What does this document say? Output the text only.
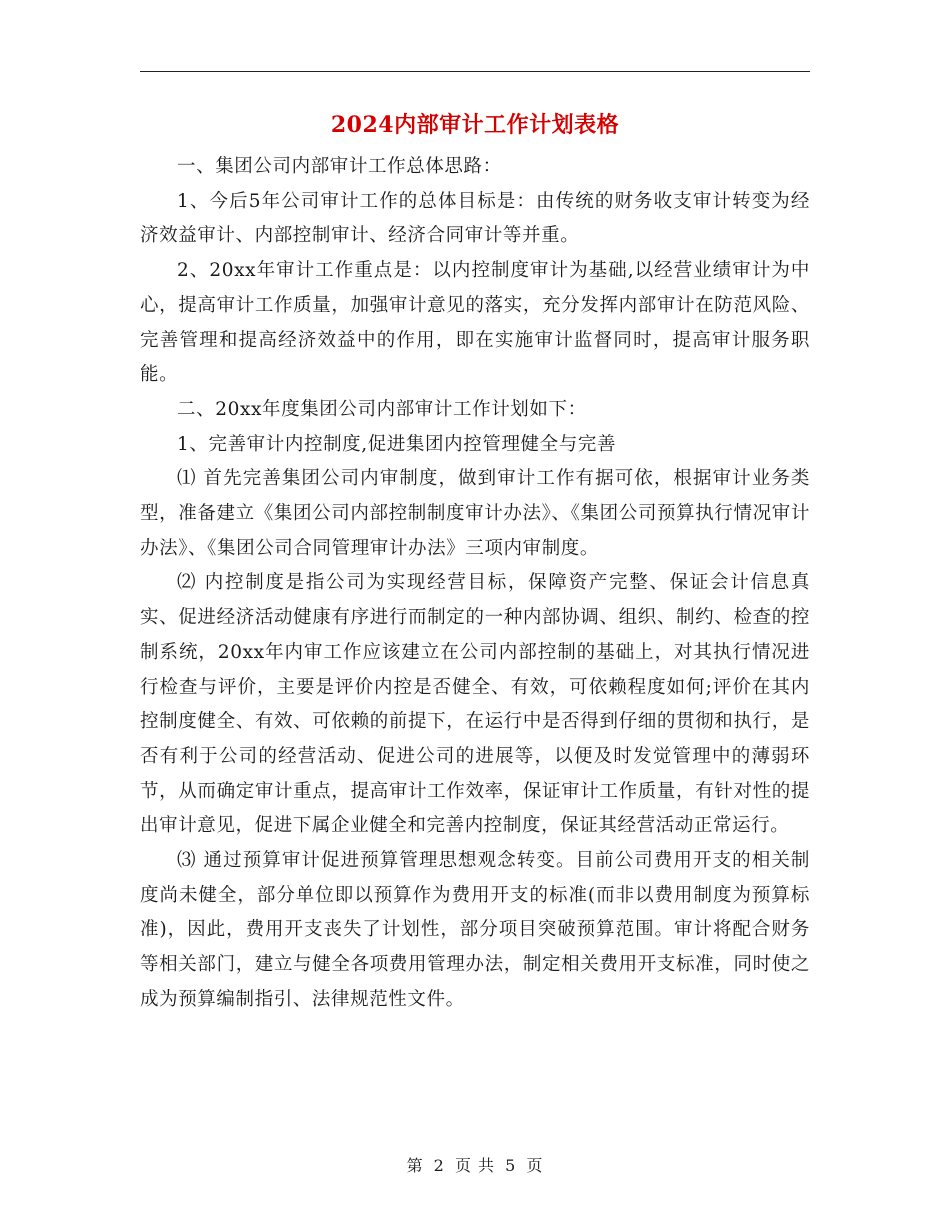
2024内部审计工作计划表格

一、集团公司内部审计工作总体思路：

1、今后5年公司审计工作的总体目标是：由传统的财务收支审计转变为经济效益审计、内部控制审计、经济合同审计等并重。

2、20xx年审计工作重点是：以内控制度审计为基础,以经营业绩审计为中心，提高审计工作质量，加强审计意见的落实，充分发挥内部审计在防范风险、完善管理和提高经济效益中的作用，即在实施审计监督同时，提高审计服务职能。

二、20xx年度集团公司内部审计工作计划如下：

1、完善审计内控制度,促进集团内控管理健全与完善

⑴ 首先完善集团公司内审制度，做到审计工作有据可依，根据审计业务类型，准备建立《集团公司内部控制制度审计办法》、《集团公司预算执行情况审计办法》、《集团公司合同管理审计办法》三项内审制度。

⑵ 内控制度是指公司为实现经营目标，保障资产完整、保证会计信息真实、促进经济活动健康有序进行而制定的一种内部协调、组织、制约、检查的控制系统，20xx年内审工作应该建立在公司内部控制的基础上，对其执行情况进行检查与评价，主要是评价内控是否健全、有效，可依赖程度如何;评价在其内控制度健全、有效、可依赖的前提下，在运行中是否得到仔细的贯彻和执行，是否有利于公司的经营活动、促进公司的进展等，以便及时发觉管理中的薄弱环节，从而确定审计重点，提高审计工作效率，保证审计工作质量，有针对性的提出审计意见，促进下属企业健全和完善内控制度，保证其经营活动正常运行。

⑶ 通过预算审计促进预算管理思想观念转变。目前公司费用开支的相关制度尚未健全，部分单位即以预算作为费用开支的标准(而非以费用制度为预算标准)，因此，费用开支丧失了计划性，部分项目突破预算范围。审计将配合财务等相关部门，建立与健全各项费用管理办法，制定相关费用开支标准，同时使之成为预算编制指引、法律规范性文件。

第 2 页 共 5 页
